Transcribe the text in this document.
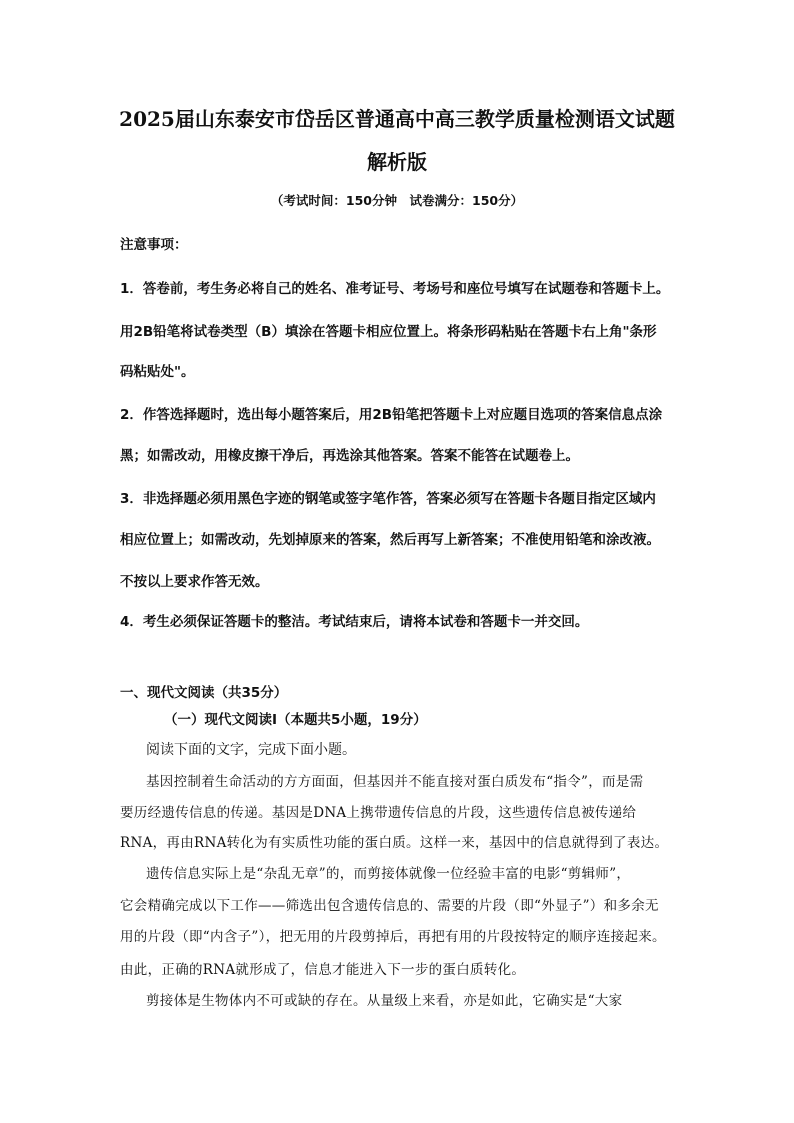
2025届山东泰安市岱岳区普通高中高三教学质量检测语文试题
解析版
（考试时间：150分钟　试卷满分：150分）
注意事项：
1．答卷前，考生务必将自己的姓名、准考证号、考场号和座位号填写在试题卷和答题卡上。
用2B铅笔将试卷类型（B）填涂在答题卡相应位置上。将条形码粘贴在答题卡右上角"条形
码粘贴处"。
2．作答选择题时，选出每小题答案后，用2B铅笔把答题卡上对应题目选项的答案信息点涂
黑；如需改动，用橡皮擦干净后，再选涂其他答案。答案不能答在试题卷上。
3．非选择题必须用黑色字迹的钢笔或签字笔作答，答案必须写在答题卡各题目指定区域内
相应位置上；如需改动，先划掉原来的答案，然后再写上新答案；不准使用铅笔和涂改液。
不按以上要求作答无效。
4．考生必须保证答题卡的整洁。考试结束后，请将本试卷和答题卡一并交回。
一、现代文阅读（共35分）
（一）现代文阅读Ⅰ（本题共5小题，19分）
阅读下面的文字，完成下面小题。
基因控制着生命活动的方方面面，但基因并不能直接对蛋白质发布“指令”，而是需
要历经遗传信息的传递。基因是DNA上携带遗传信息的片段，这些遗传信息被传递给
RNA，再由RNA转化为有实质性功能的蛋白质。这样一来，基因中的信息就得到了表达。
遗传信息实际上是“杂乱无章”的，而剪接体就像一位经验丰富的电影“剪辑师”，
它会精确完成以下工作——筛选出包含遗传信息的、需要的片段（即“外显子”）和多余无
用的片段（即“内含子”），把无用的片段剪掉后，再把有用的片段按特定的顺序连接起来。
由此，正确的RNA就形成了，信息才能进入下一步的蛋白质转化。
剪接体是生物体内不可或缺的存在。从量级上来看，亦是如此，它确实是“大家
